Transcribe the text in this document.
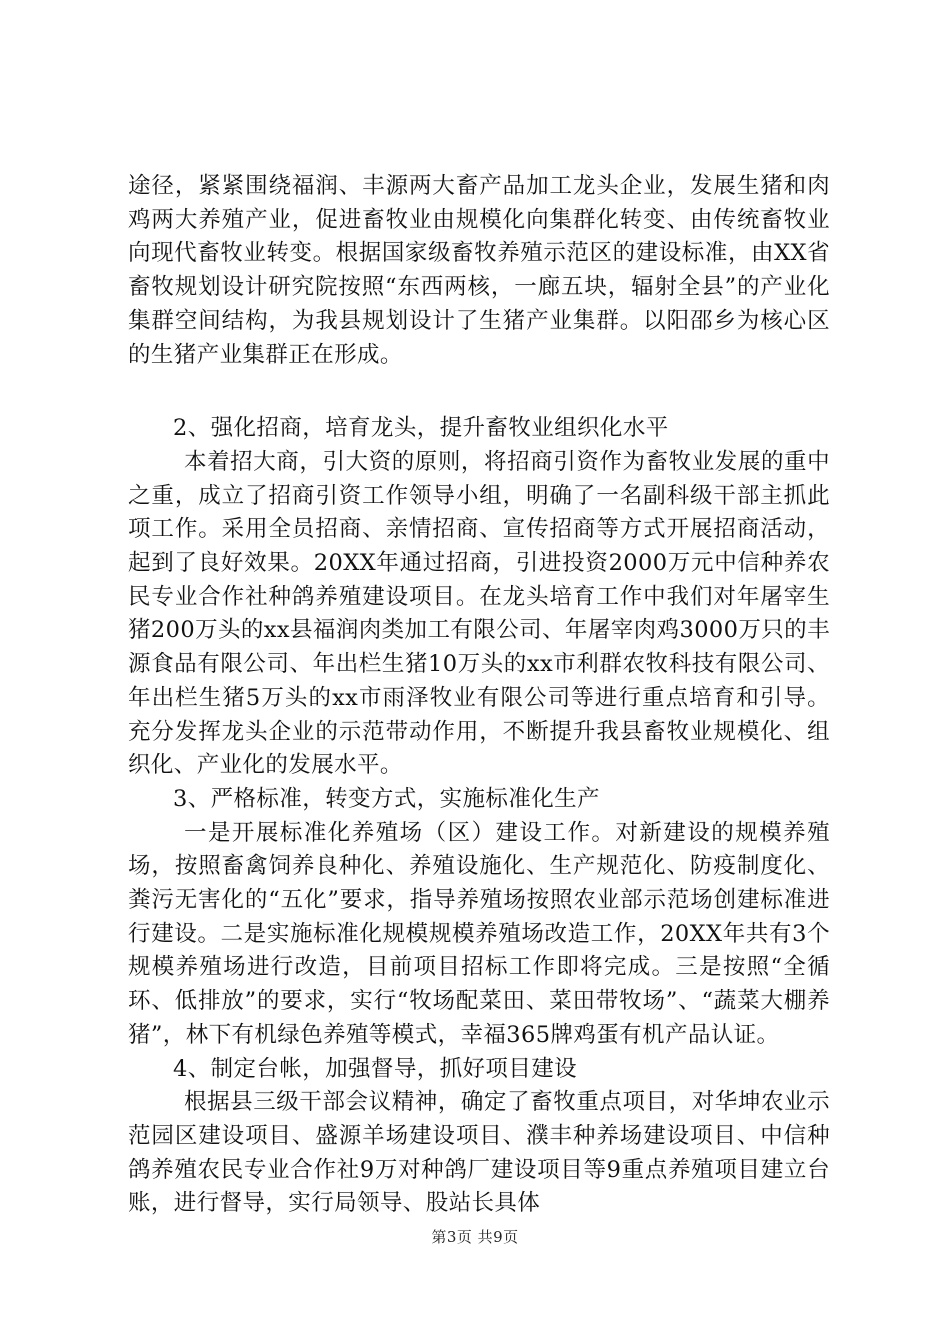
途径，紧紧围绕福润、丰源两大畜产品加工龙头企业，发展生猪和肉鸡两大养殖产业，促进畜牧业由规模化向集群化转变、由传统畜牧业向现代畜牧业转变。根据国家级畜牧养殖示范区的建设标准，由XX省畜牧规划设计研究院按照“东西两核，一廊五块，辐射全县”的产业化集群空间结构，为我县规划设计了生猪产业集群。以阳邵乡为核心区的生猪产业集群正在形成。

2、强化招商，培育龙头，提升畜牧业组织化水平

本着招大商，引大资的原则，将招商引资作为畜牧业发展的重中之重，成立了招商引资工作领导小组，明确了一名副科级干部主抓此项工作。采用全员招商、亲情招商、宣传招商等方式开展招商活动，起到了良好效果。20XX年通过招商，引进投资2000万元中信种养农民专业合作社种鸽养殖建设项目。在龙头培育工作中我们对年屠宰生猪200万头的xx县福润肉类加工有限公司、年屠宰肉鸡3000万只的丰源食品有限公司、年出栏生猪10万头的xx市利群农牧科技有限公司、年出栏生猪5万头的xx市雨泽牧业有限公司等进行重点培育和引导。充分发挥龙头企业的示范带动作用，不断提升我县畜牧业规模化、组织化、产业化的发展水平。

3、严格标准，转变方式，实施标准化生产

一是开展标准化养殖场（区）建设工作。对新建设的规模养殖场，按照畜禽饲养良种化、养殖设施化、生产规范化、防疫制度化、粪污无害化的“五化”要求，指导养殖场按照农业部示范场创建标准进行建设。二是实施标准化规模规模养殖场改造工作，20XX年共有3个规模养殖场进行改造，目前项目招标工作即将完成。三是按照“全循环、低排放”的要求，实行“牧场配菜田、菜田带牧场”、“蔬菜大棚养猪”，林下有机绿色养殖等模式，幸福365牌鸡蛋有机产品认证。

4、制定台帐，加强督导，抓好项目建设

根据县三级干部会议精神，确定了畜牧重点项目，对华坤农业示范园区建设项目、盛源羊场建设项目、濮丰种养场建设项目、中信种鸽养殖农民专业合作社9万对种鸽厂建设项目等9重点养殖项目建立台账，进行督导，实行局领导、股站长具体

第3页 共9页
